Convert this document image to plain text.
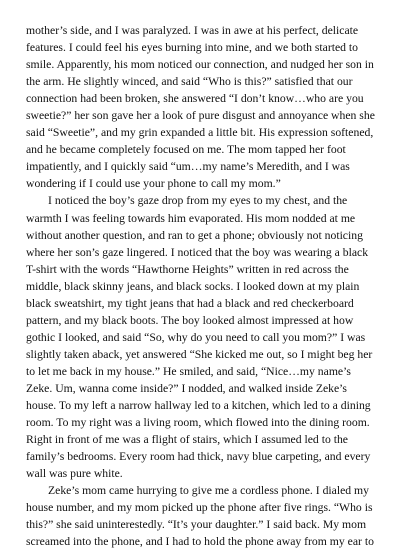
mother’s side, and I was paralyzed. I was in awe at his perfect, delicate
features. I could feel his eyes burning into mine, and we both started to
smile. Apparently, his mom noticed our connection, and nudged her son in
the arm. He slightly winced, and said “Who is this?” satisfied that our
connection had been broken, she answered “I don’t know…who are you
sweetie?” her son gave her a look of pure disgust and annoyance when she
said “Sweetie”, and my grin expanded a little bit. His expression softened,
and he became completely focused on me. The mom tapped her foot
impatiently, and I quickly said “um…my name’s Meredith, and I was
wondering if I could use your phone to call my mom.”
I noticed the boy’s gaze drop from my eyes to my chest, and the
warmth I was feeling towards him evaporated. His mom nodded at me
without another question, and ran to get a phone; obviously not noticing
where her son’s gaze lingered. I noticed that the boy was wearing a black
T-shirt with the words “Hawthorne Heights” written in red across the
middle, black skinny jeans, and black socks. I looked down at my plain
black sweatshirt, my tight jeans that had a black and red checkerboard
pattern, and my black boots. The boy looked almost impressed at how
gothic I looked, and said “So, why do you need to call you mom?” I was
slightly taken aback, yet answered “She kicked me out, so I might beg her
to let me back in my house.” He smiled, and said, “Nice…my name’s
Zeke. Um, wanna come inside?” I nodded, and walked inside Zeke’s
house. To my left a narrow hallway led to a kitchen, which led to a dining
room. To my right was a living room, which flowed into the dining room.
Right in front of me was a flight of stairs, which I assumed led to the
family’s bedrooms. Every room had thick, navy blue carpeting, and every
wall was pure white.
Zeke’s mom came hurrying to give me a cordless phone. I dialed my
house number, and my mom picked up the phone after five rings. “Who is
this?” she said uninterestedly. “It’s your daughter.” I said back. My mom
screamed into the phone, and I had to hold the phone away from my ear to
